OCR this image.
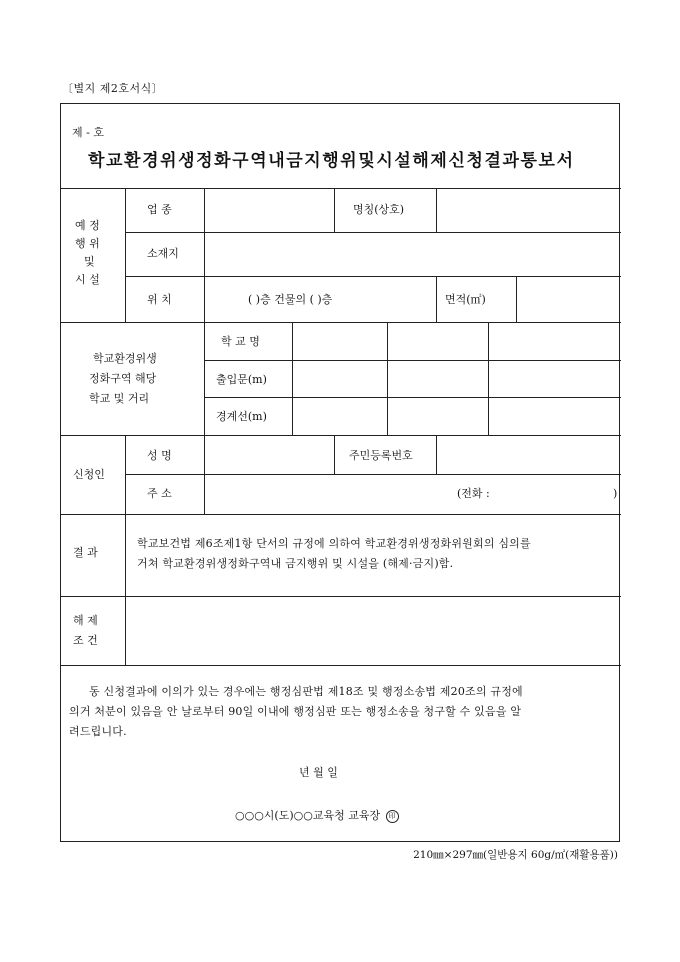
〔별지 제2호서식〕
제 - 호
학교환경위생정화구역내금지행위및시설해제신청결과통보서
예 정
행 위
및
시 설
업 종	명칭(상호)
소재지
위 치	( )층 건물의 ( )층	면적(㎡)
학교환경위생
정화구역 해당
학교 및 거리
학 교 명
출입문(m)
경계선(m)
신청인
성 명	주민등록번호
주 소	(전화 :	)
결 과
학교보건법 제6조제1항 단서의 규정에 의하여 학교환경위생정화위원회의 심의를
거쳐 학교환경위생정화구역내 금지행위 및 시설을 (해제·금지)함.
해 제
조 건
동 신청결과에 이의가 있는 경우에는 행정심판법 제18조 및 행정소송법 제20조의 규정에
의거 처분이 있음을 안 날로부터 90일 이내에 행정심판 또는 행정소송을 청구할 수 있음을 알
려드립니다.
년 월 일
○○○시(도)○○교육청 교육장 印
210㎜×297㎜(일반용지 60g/㎡(재활용품))
